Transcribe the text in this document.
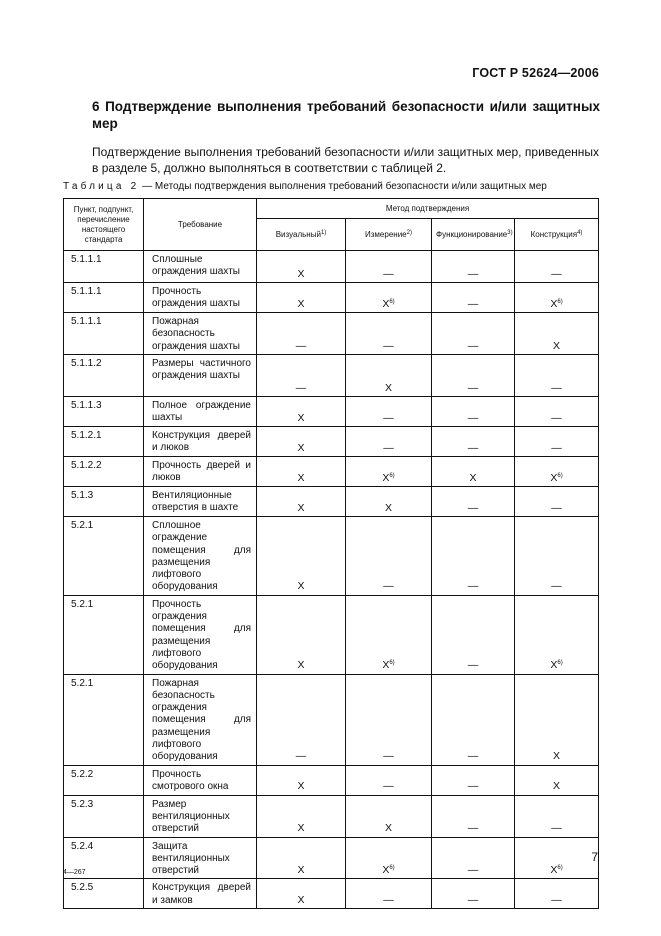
ГОСТ Р 52624—2006
6 Подтверждение выполнения требований безопасности и/или защитных мер
Подтверждение выполнения требований безопасности и/или защитных мер, приведенных в разделе 5, должно выполняться в соответствии с таблицей 2.
Таблица 2 — Методы подтверждения выполнения требований безопасности и/или защитных мер
Пункт, подпункт, перечисление настоящего стандарта	Требование	Метод подтверждения			
		Визуальный$^{1)}$	Измерение$^{2)}$	Функционирование$^{3)}$	Конструкция$^{4)}$
5.1.1.1	Сплошные ограждения шахты	X	—	—	—
5.1.1.1	Прочность ограждения шахты	X	$X^{6)}$	—	$X^{6)}$
5.1.1.1	Пожарная безопасность ограждения шахты	—	—	—	X
5.1.1.2	Размеры частичного ограждения шахты	—	X	—	—
5.1.1.3	Полное ограждение шахты	X	—	—	—
5.1.2.1	Конструкция дверей и люков	X	—	—	—
5.1.2.2	Прочность дверей и люков	X	$X^{6)}$	X	$X^{6)}$
5.1.3	Вентиляционные отверстия в шахте	X	X	—	—
5.2.1	Сплошное ограждение помещения для размещения лифтового оборудования	X	—	—	—
5.2.1	Прочность ограждения помещения для размещения лифтового оборудования	X	$X^{6)}$	—	$X^{6)}$
5.2.1	Пожарная безопасность ограждения помещения для размещения лифтового оборудования	—	—	—	X
5.2.2	Прочность смотрового окна	X	—	—	X
5.2.3	Размер вентиляционных отверстий	X	X	—	—
5.2.4	Защита вентиляционных отверстий	X	$X^{6)}$	—	$X^{6)}$
5.2.5	Конструкция дверей и замков	X	—	—	—
4—267
7
